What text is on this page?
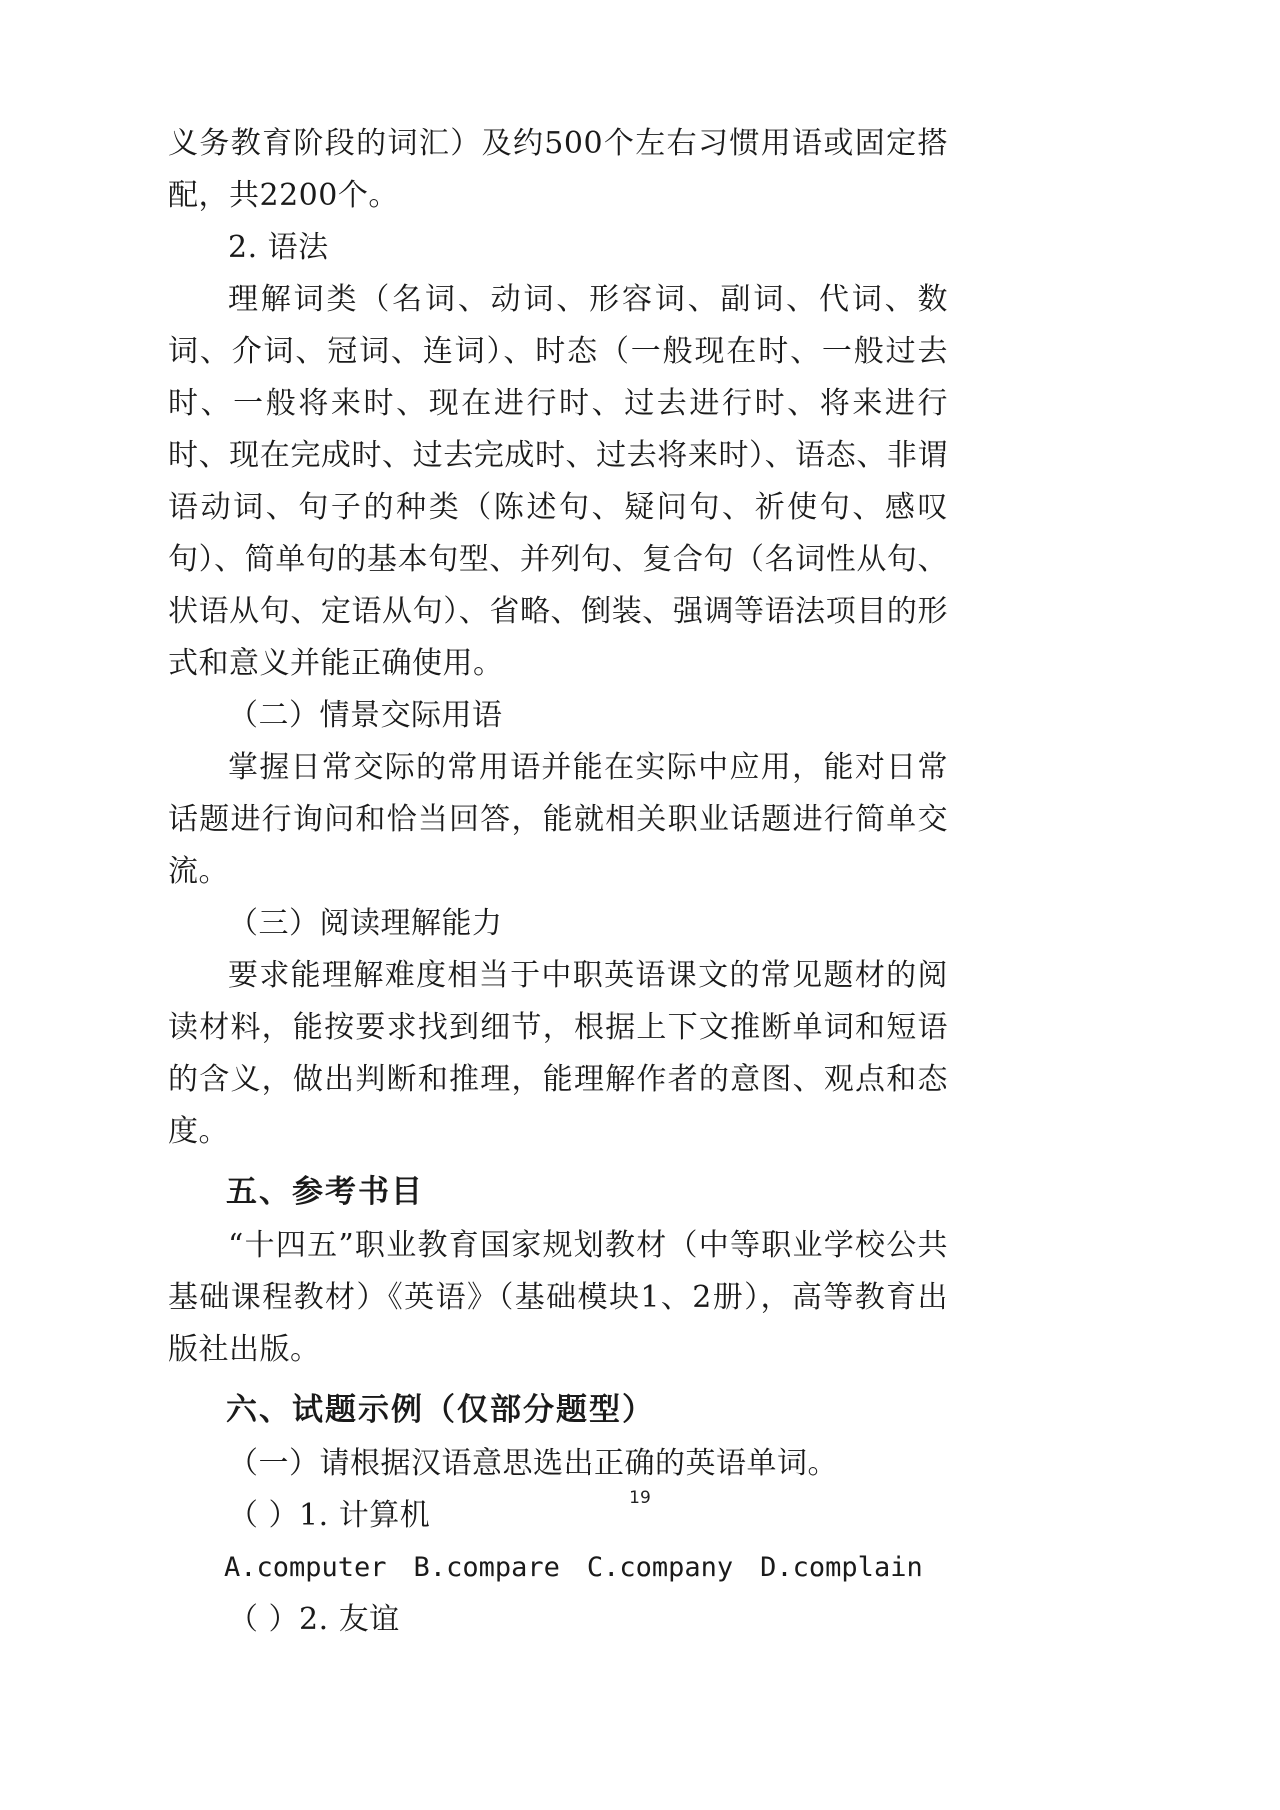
义务教育阶段的词汇）及约500个左右习惯用语或固定搭配，共2200个。

2. 语法

理解词类（名词、动词、形容词、副词、代词、数词、介词、冠词、连词）、时态（一般现在时、一般过去时、一般将来时、现在进行时、过去进行时、将来进行时、现在完成时、过去完成时、过去将来时）、语态、非谓语动词、句子的种类（陈述句、疑问句、祈使句、感叹句）、简单句的基本句型、并列句、复合句（名词性从句、状语从句、定语从句）、省略、倒装、强调等语法项目的形式和意义并能正确使用。

（二）情景交际用语

掌握日常交际的常用语并能在实际中应用，能对日常话题进行询问和恰当回答，能就相关职业话题进行简单交流。

（三）阅读理解能力

要求能理解难度相当于中职英语课文的常见题材的阅读材料，能按要求找到细节，根据上下文推断单词和短语的含义，做出判断和推理，能理解作者的意图、观点和态度。

五、参考书目

“十四五”职业教育国家规划教材（中等职业学校公共基础课程教材）《英语》（基础模块1、2册），高等教育出版社出版。

六、试题示例（仅部分题型）

（一）请根据汉语意思选出正确的英语单词。

（ ）1. 计算机

A.computer　B.compare　C.company　D.complain

（ ）2. 友谊

19
